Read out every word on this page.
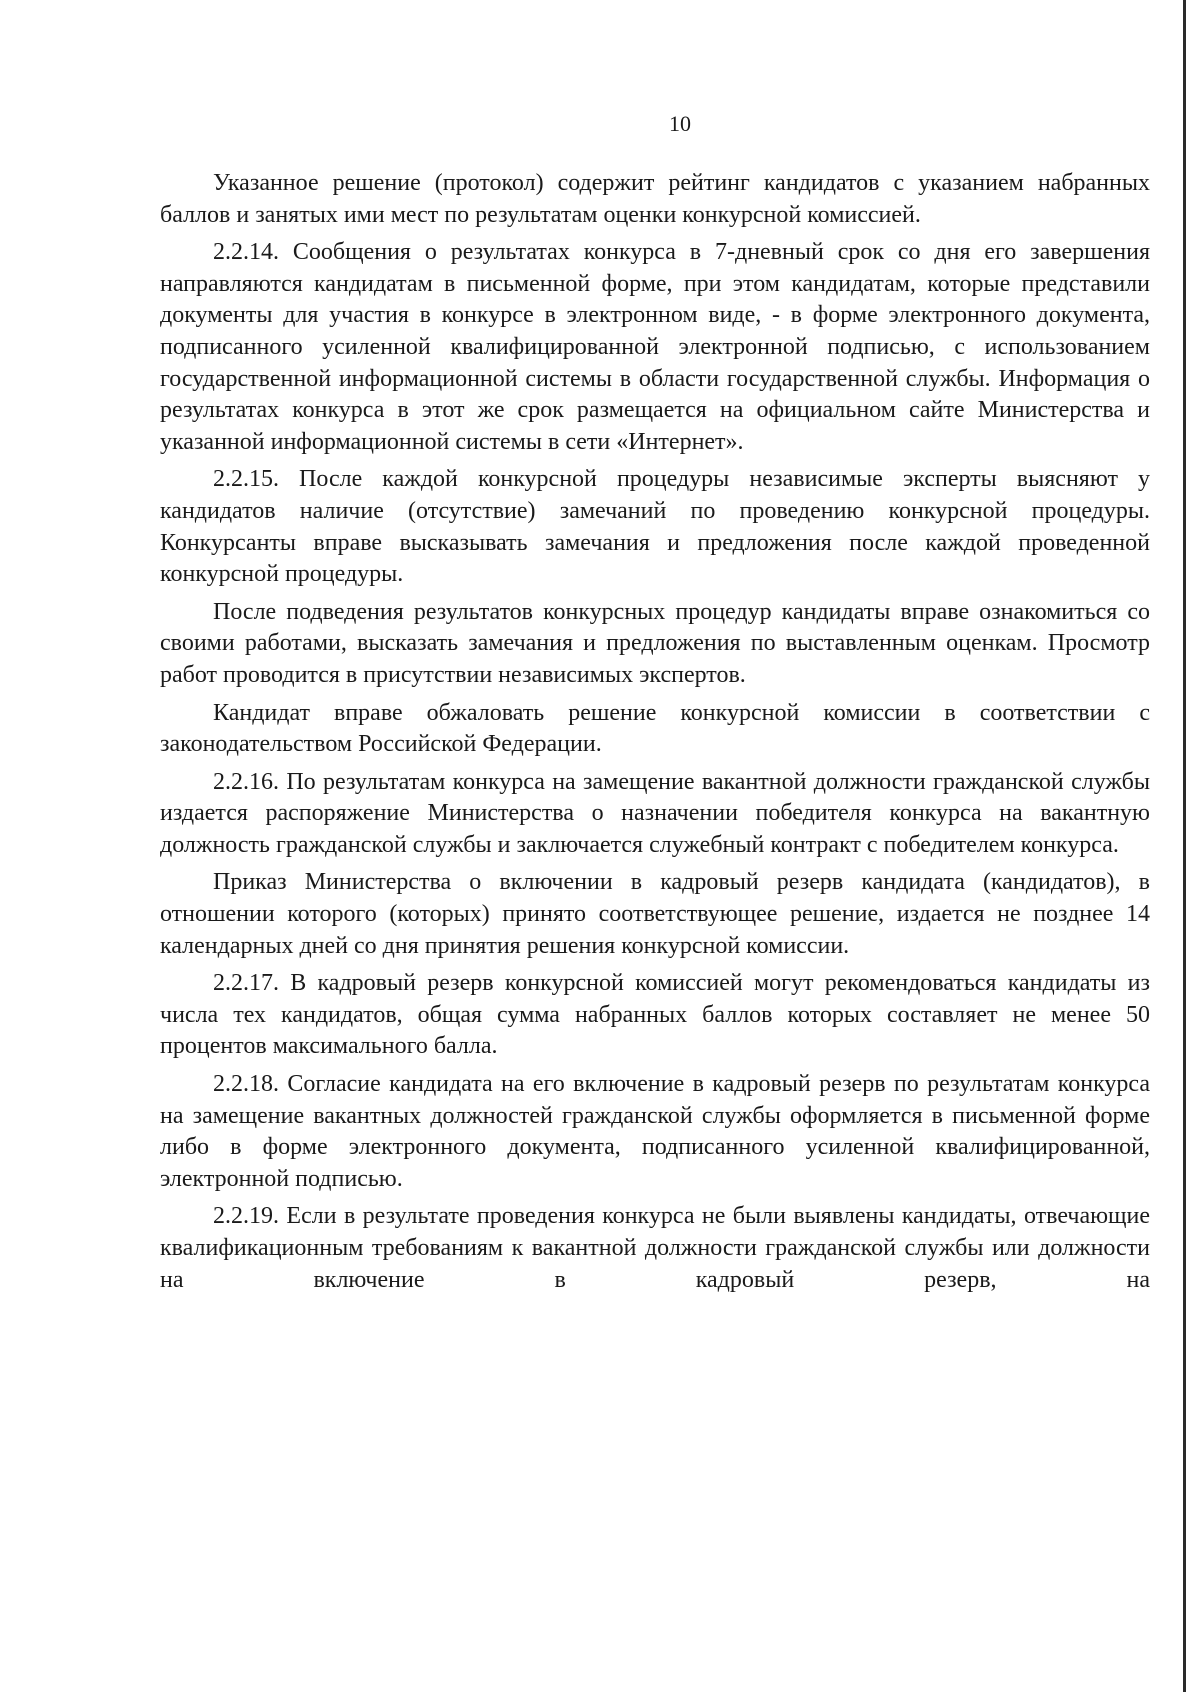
10

Указанное решение (протокол) содержит рейтинг кандидатов с указанием набранных баллов и занятых ими мест по результатам оценки конкурсной комиссией.

2.2.14. Сообщения о результатах конкурса в 7-дневный срок со дня его завершения направляются кандидатам в письменной форме, при этом кандидатам, которые представили документы для участия в конкурсе в электронном виде, - в форме электронного документа, подписанного усиленной квалифицированной электронной подписью, с использованием государственной информационной системы в области государственной службы. Информация о результатах конкурса в этот же срок размещается на официальном сайте Министерства и указанной информационной системы в сети «Интернет».

2.2.15. После каждой конкурсной процедуры независимые эксперты выясняют у кандидатов наличие (отсутствие) замечаний по проведению конкурсной процедуры. Конкурсанты вправе высказывать замечания и предложения после каждой проведенной конкурсной процедуры.

После подведения результатов конкурсных процедур кандидаты вправе ознакомиться со своими работами, высказать замечания и предложения по выставленным оценкам. Просмотр работ проводится в присутствии независимых экспертов.

Кандидат вправе обжаловать решение конкурсной комиссии в соответствии с законодательством Российской Федерации.

2.2.16. По результатам конкурса на замещение вакантной должности гражданской службы издается распоряжение Министерства о назначении победителя конкурса на вакантную должность гражданской службы и заключается служебный контракт с победителем конкурса.

Приказ Министерства о включении в кадровый резерв кандидата (кандидатов), в отношении которого (которых) принято соответствующее решение, издается не позднее 14 календарных дней со дня принятия решения конкурсной комиссии.

2.2.17. В кадровый резерв конкурсной комиссией могут рекомендоваться кандидаты из числа тех кандидатов, общая сумма набранных баллов которых составляет не менее 50 процентов максимального балла.

2.2.18. Согласие кандидата на его включение в кадровый резерв по результатам конкурса на замещение вакантных должностей гражданской службы оформляется в письменной форме либо в форме электронного документа, подписанного усиленной квалифицированной, электронной подписью.

2.2.19. Если в результате проведения конкурса не были выявлены кандидаты, отвечающие квалификационным требованиям к вакантной должности гражданской службы или должности на включение в кадровый резерв, на
